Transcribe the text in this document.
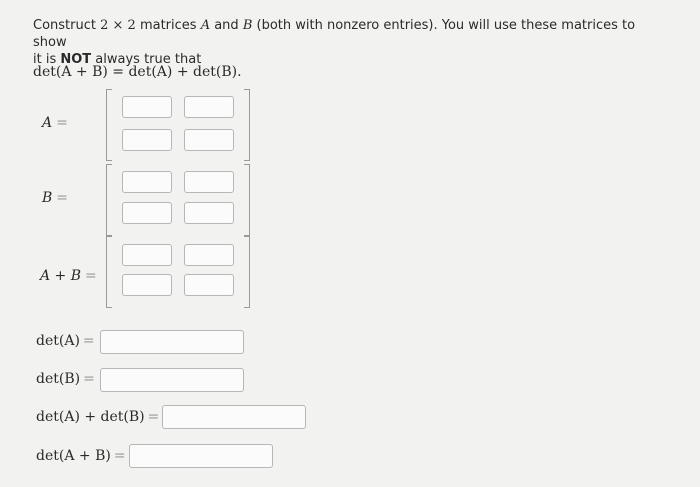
Construct 2 × 2 matrices A and B (both with nonzero entries). You will use these matrices to show
it is NOT always true that
det(A + B) = det(A) + det(B).
A =
B =
A + B =
det(A) =
det(B) =
det(A) + det(B) =
det(A + B) =
